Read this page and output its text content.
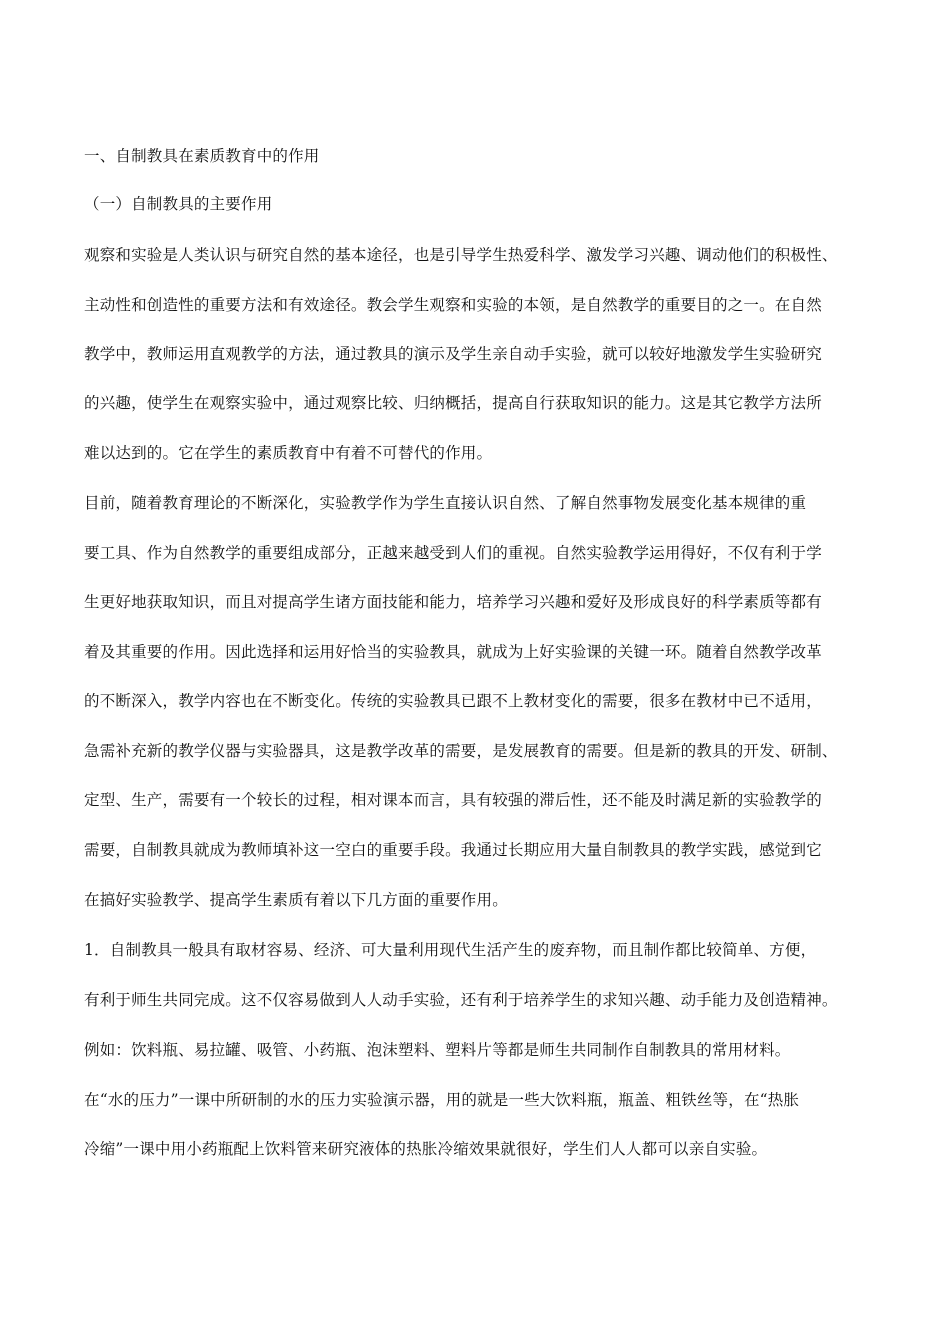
一、自制教具在素质教育中的作用
（一）自制教具的主要作用
观察和实验是人类认识与研究自然的基本途径，也是引导学生热爱科学、激发学习兴趣、调动他们的积极性、
主动性和创造性的重要方法和有效途径。教会学生观察和实验的本领，是自然教学的重要目的之一。在自然
教学中，教师运用直观教学的方法，通过教具的演示及学生亲自动手实验，就可以较好地激发学生实验研究
的兴趣，使学生在观察实验中，通过观察比较、归纳概括，提高自行获取知识的能力。这是其它教学方法所
难以达到的。它在学生的素质教育中有着不可替代的作用。
目前，随着教育理论的不断深化，实验教学作为学生直接认识自然、了解自然事物发展变化基本规律的重
要工具、作为自然教学的重要组成部分，正越来越受到人们的重视。自然实验教学运用得好，不仅有利于学
生更好地获取知识，而且对提高学生诸方面技能和能力，培养学习兴趣和爱好及形成良好的科学素质等都有
着及其重要的作用。因此选择和运用好恰当的实验教具，就成为上好实验课的关键一环。随着自然教学改革
的不断深入，教学内容也在不断变化。传统的实验教具已跟不上教材变化的需要，很多在教材中已不适用，
急需补充新的教学仪器与实验器具，这是教学改革的需要，是发展教育的需要。但是新的教具的开发、研制、
定型、生产，需要有一个较长的过程，相对课本而言，具有较强的滞后性，还不能及时满足新的实验教学的
需要，自制教具就成为教师填补这一空白的重要手段。我通过长期应用大量自制教具的教学实践，感觉到它
在搞好实验教学、提高学生素质有着以下几方面的重要作用。
1．自制教具一般具有取材容易、经济、可大量利用现代生活产生的废弃物，而且制作都比较简单、方便，
有利于师生共同完成。这不仅容易做到人人动手实验，还有利于培养学生的求知兴趣、动手能力及创造精神。
例如：饮料瓶、易拉罐、吸管、小药瓶、泡沫塑料、塑料片等都是师生共同制作自制教具的常用材料。
在“水的压力”一课中所研制的水的压力实验演示器，用的就是一些大饮料瓶，瓶盖、粗铁丝等，在“热胀
冷缩”一课中用小药瓶配上饮料管来研究液体的热胀冷缩效果就很好，学生们人人都可以亲自实验。
